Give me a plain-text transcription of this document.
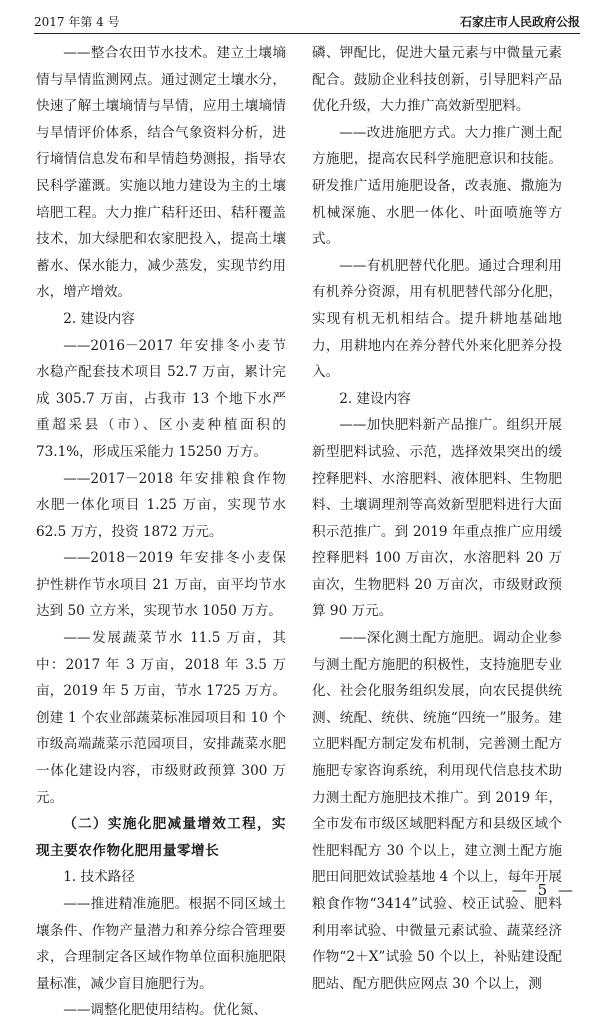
2017 年第 4 号	石家庄市人民政府公报

——整合农田节水技术。建立土壤墒情与旱情监测网点。通过测定土壤水分，快速了解土壤墒情与旱情，应用土壤墒情与旱情评价体系，结合气象资料分析，进行墒情信息发布和旱情趋势测报，指导农民科学灌溉。实施以地力建设为主的土壤培肥工程。大力推广秸秆还田、秸秆覆盖技术，加大绿肥和农家肥投入，提高土壤蓄水、保水能力，减少蒸发，实现节约用水，增产增效。

2. 建设内容

——2016－2017 年安排冬小麦节水稳产配套技术项目 52.7 万亩，累计完成 305.7 万亩，占我市 13 个地下水严重超采县（市）、区小麦种植面积的 73.1%，形成压采能力 15250 万方。

——2017－2018 年安排粮食作物水肥一体化项目 1.25 万亩，实现节水 62.5 万方，投资 1872 万元。

——2018－2019 年安排冬小麦保护性耕作节水项目 21 万亩，亩平均节水达到 50 立方米，实现节水 1050 万方。

——发展蔬菜节水 11.5 万亩，其中：2017 年 3 万亩，2018 年 3.5 万亩，2019 年 5 万亩，节水 1725 万方。创建 1 个农业部蔬菜标准园项目和 10 个市级高端蔬菜示范园项目，安排蔬菜水肥一体化建设内容，市级财政预算 300 万元。

（二）实施化肥减量增效工程，实现主要农作物化肥用量零增长

1. 技术路径

——推进精准施肥。根据不同区域土壤条件、作物产量潜力和养分综合管理要求，合理制定各区域作物单位面积施肥限量标准，减少盲目施肥行为。

——调整化肥使用结构。优化氮、

磷、钾配比，促进大量元素与中微量元素配合。鼓励企业科技创新，引导肥料产品优化升级，大力推广高效新型肥料。

——改进施肥方式。大力推广测土配方施肥，提高农民科学施肥意识和技能。研发推广适用施肥设备，改表施、撒施为机械深施、水肥一体化、叶面喷施等方式。

——有机肥替代化肥。通过合理利用有机养分资源，用有机肥替代部分化肥，实现有机无机相结合。提升耕地基础地力，用耕地内在养分替代外来化肥养分投入。

2. 建设内容

——加快肥料新产品推广。组织开展新型肥料试验、示范，选择效果突出的缓控释肥料、水溶肥料、液体肥料、生物肥料、土壤调理剂等高效新型肥料进行大面积示范推广。到 2019 年重点推广应用缓控释肥料 100 万亩次，水溶肥料 20 万亩次，生物肥料 20 万亩次，市级财政预算 90 万元。

——深化测土配方施肥。调动企业参与测土配方施肥的积极性，支持施肥专业化、社会化服务组织发展，向农民提供统测、统配、统供、统施“四统一”服务。建立肥料配方制定发布机制，完善测土配方施肥专家咨询系统，利用现代信息技术助力测土配方施肥技术推广。到 2019 年，全市发布市级区域肥料配方和县级区域个性肥料配方 30 个以上，建立测土配方施肥田间肥效试验基地 4 个以上，每年开展粮食作物“3414”试验、校正试验、肥料利用率试验、中微量元素试验、蔬菜经济作物“2＋X”试验 50 个以上，补贴建设配肥站、配方肥供应网点 30 个以上，测

— 5 —
